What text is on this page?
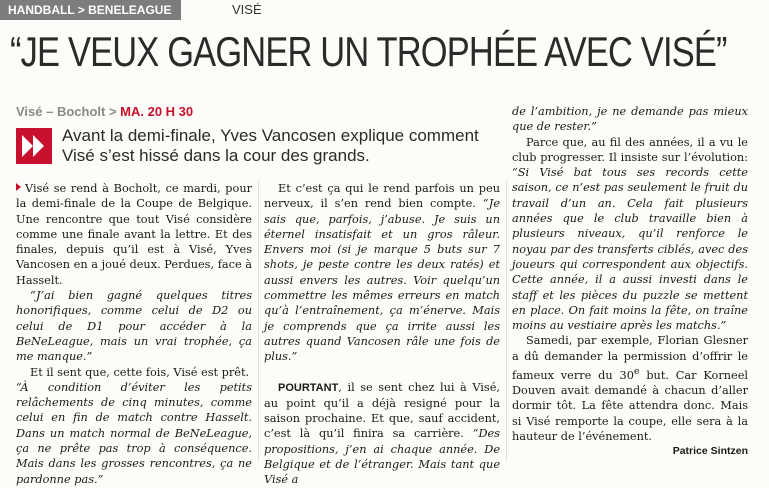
HANDBALL > BENELEAGUE	VISÉ
“JE VEUX GAGNER UN TROPHÉE AVEC VISÉ”
Visé – Bocholt > MA. 20 H 30
Avant la demi-finale, Yves Vancosen explique comment Visé s’est hissé dans la cour des grands.

Visé se rend à Bocholt, ce mardi, pour la demi-finale de la Coupe de Belgique. Une rencontre que tout Visé considère comme une finale avant la lettre. Et des finales, depuis qu’il est à Visé, Yves Vancosen en a joué deux. Perdues, face à Hasselt.

“J’ai bien gagné quelques titres honorifiques, comme celui de D2 ou celui de D1 pour accéder à la BeNeLeague, mais un vrai trophée, ça me manque.”

Et il sent que, cette fois, Visé est prêt.

“À condition d’éviter les petits relâchements de cinq minutes, comme celui en fin de match contre Hasselt. Dans un match normal de BeNeLeague, ça ne prête pas trop à conséquence. Mais dans les grosses rencontres, ça ne pardonne pas.”

Et c’est ça qui le rend parfois un peu nerveux, il s’en rend bien compte. “Je sais que, parfois, j’abuse. Je suis un éternel insatisfait et un gros râleur. Envers moi (si je marque 5 buts sur 7 shots, je peste contre les deux ratés) et aussi envers les autres. Voir quelqu’un commettre les mêmes erreurs en match qu’à l’entraînement, ça m’énerve. Mais je comprends que ça irrite aussi les autres quand Vancosen râle une fois de plus.”

POURTANT, il se sent chez lui à Visé, au point qu’il a déjà resigné pour la saison prochaine. Et que, sauf accident, c’est là qu’il finira sa carrière. “Des propositions, j’en ai chaque année. De Belgique et de l’étranger. Mais tant que Visé a

de l’ambition, je ne demande pas mieux que de rester.”

Parce que, au fil des années, il a vu le club progresser. Il insiste sur l’évolution: “Si Visé bat tous ses records cette saison, ce n’est pas seulement le fruit du travail d’un an. Cela fait plusieurs années que le club travaille bien à plusieurs niveaux, qu’il renforce le noyau par des transferts ciblés, avec des joueurs qui correspondent aux objectifs. Cette année, il a aussi investi dans le staff et les pièces du puzzle se mettent en place. On fait moins la fête, on traîne moins au vestiaire après les matchs.”

Samedi, par exemple, Florian Glesner a dû demander la permission d’offrir le fameux verre du 30e but. Car Korneel Douven avait demandé à chacun d’aller dormir tôt. La fête attendra donc. Mais si Visé remporte la coupe, elle sera à la hauteur de l’événement.

Patrice Sintzen
